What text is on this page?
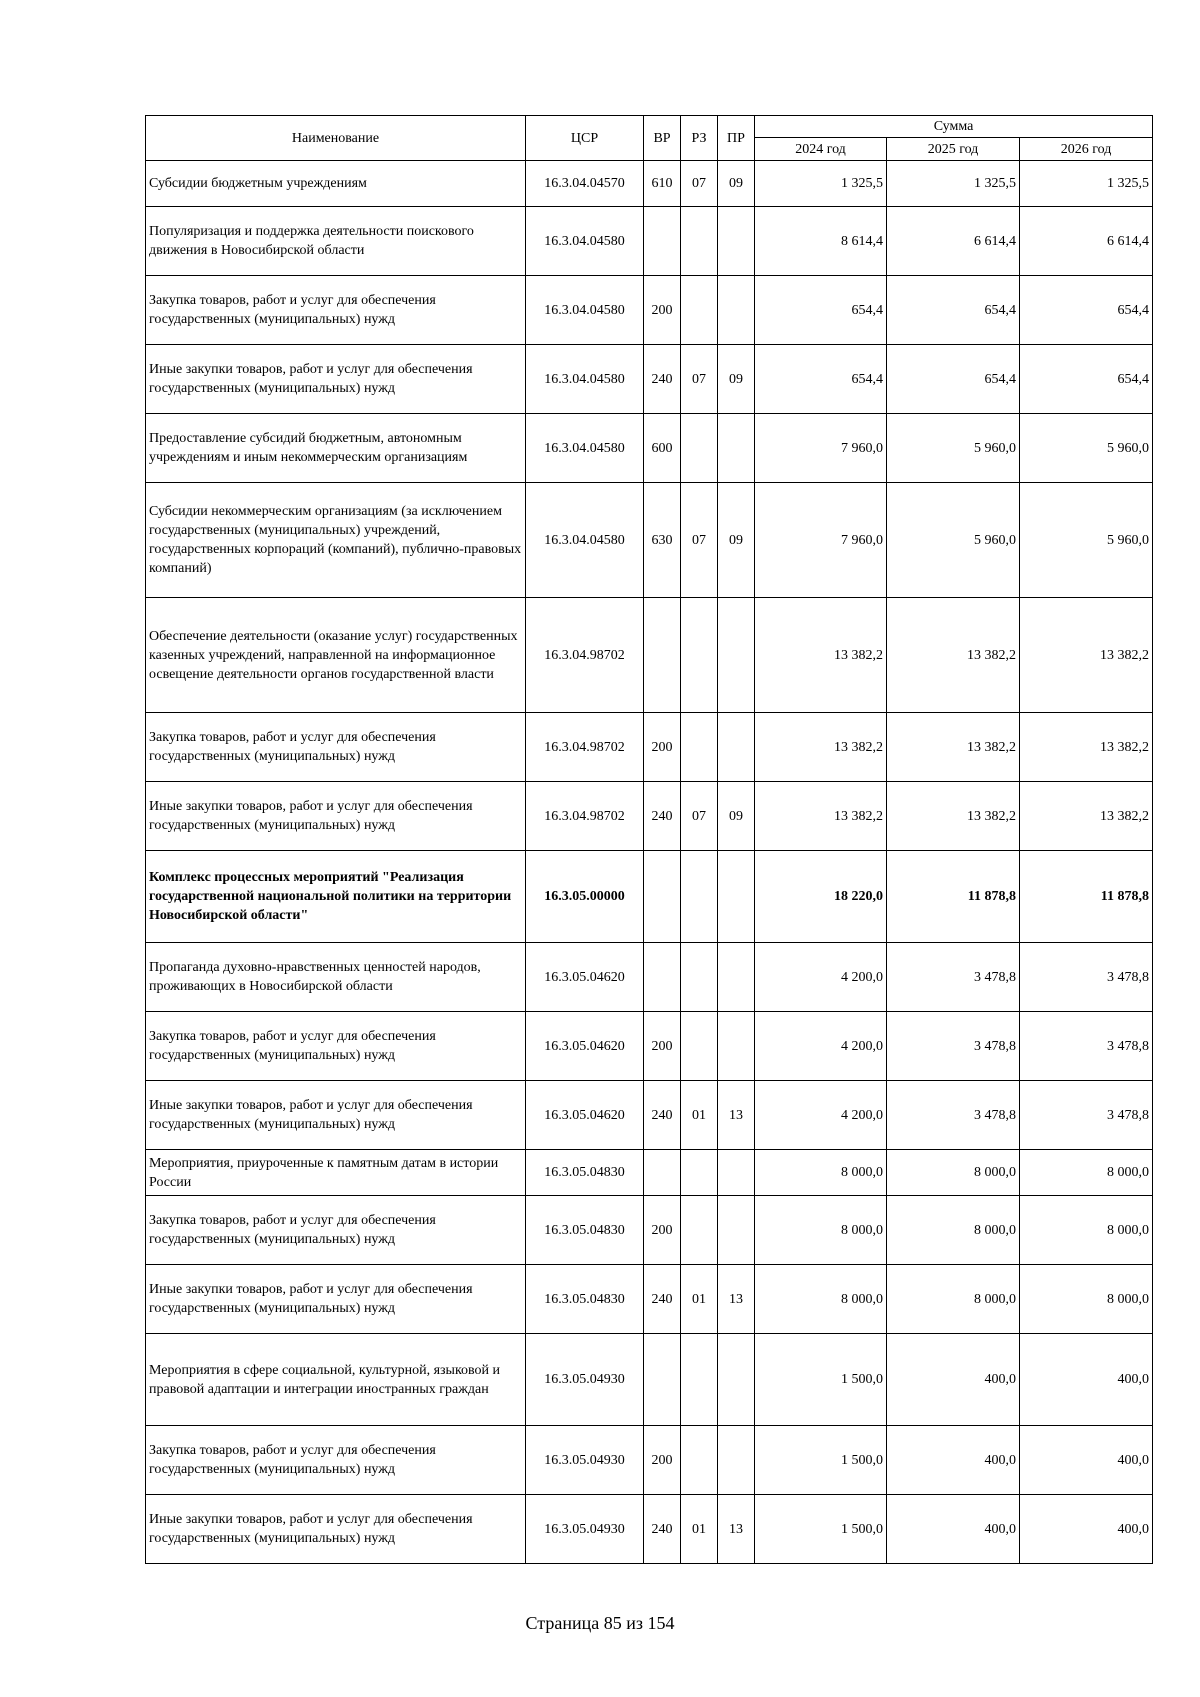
Наименование	ЦСР	ВР	РЗ	ПР	Сумма		
					2024 год	2025 год	2026 год
Субсидии бюджетным учреждениям	16.3.04.04570	610	07	09	1 325,5	1 325,5	1 325,5
Популяризация и поддержка деятельности поискового движения в Новосибирской области	16.3.04.04580				8 614,4	6 614,4	6 614,4
Закупка товаров, работ и услуг для обеспечения государственных (муниципальных) нужд	16.3.04.04580	200			654,4	654,4	654,4
Иные закупки товаров, работ и услуг для обеспечения государственных (муниципальных) нужд	16.3.04.04580	240	07	09	654,4	654,4	654,4
Предоставление субсидий бюджетным, автономным учреждениям и иным некоммерческим организациям	16.3.04.04580	600			7 960,0	5 960,0	5 960,0
Субсидии некоммерческим организациям (за исключением государственных (муниципальных) учреждений, государственных корпораций (компаний), публично-правовых компаний)	16.3.04.04580	630	07	09	7 960,0	5 960,0	5 960,0
Обеспечение деятельности (оказание услуг) государственных казенных учреждений, направленной на информационное освещение деятельности органов государственной власти	16.3.04.98702				13 382,2	13 382,2	13 382,2
Закупка товаров, работ и услуг для обеспечения государственных (муниципальных) нужд	16.3.04.98702	200			13 382,2	13 382,2	13 382,2
Иные закупки товаров, работ и услуг для обеспечения государственных (муниципальных) нужд	16.3.04.98702	240	07	09	13 382,2	13 382,2	13 382,2
Комплекс процессных мероприятий "Реализация государственной национальной политики на территории Новосибирской области"	16.3.05.00000				18 220,0	11 878,8	11 878,8
Пропаганда духовно-нравственных ценностей народов, проживающих в Новосибирской области	16.3.05.04620				4 200,0	3 478,8	3 478,8
Закупка товаров, работ и услуг для обеспечения государственных (муниципальных) нужд	16.3.05.04620	200			4 200,0	3 478,8	3 478,8
Иные закупки товаров, работ и услуг для обеспечения государственных (муниципальных) нужд	16.3.05.04620	240	01	13	4 200,0	3 478,8	3 478,8
Мероприятия, приуроченные к памятным датам в истории России	16.3.05.04830				8 000,0	8 000,0	8 000,0
Закупка товаров, работ и услуг для обеспечения государственных (муниципальных) нужд	16.3.05.04830	200			8 000,0	8 000,0	8 000,0
Иные закупки товаров, работ и услуг для обеспечения государственных (муниципальных) нужд	16.3.05.04830	240	01	13	8 000,0	8 000,0	8 000,0
Мероприятия в сфере социальной, культурной, языковой и правовой адаптации и интеграции иностранных граждан	16.3.05.04930				1 500,0	400,0	400,0
Закупка товаров, работ и услуг для обеспечения государственных (муниципальных) нужд	16.3.05.04930	200			1 500,0	400,0	400,0
Иные закупки товаров, работ и услуг для обеспечения государственных (муниципальных) нужд	16.3.05.04930	240	01	13	1 500,0	400,0	400,0
Страница 85 из 154
